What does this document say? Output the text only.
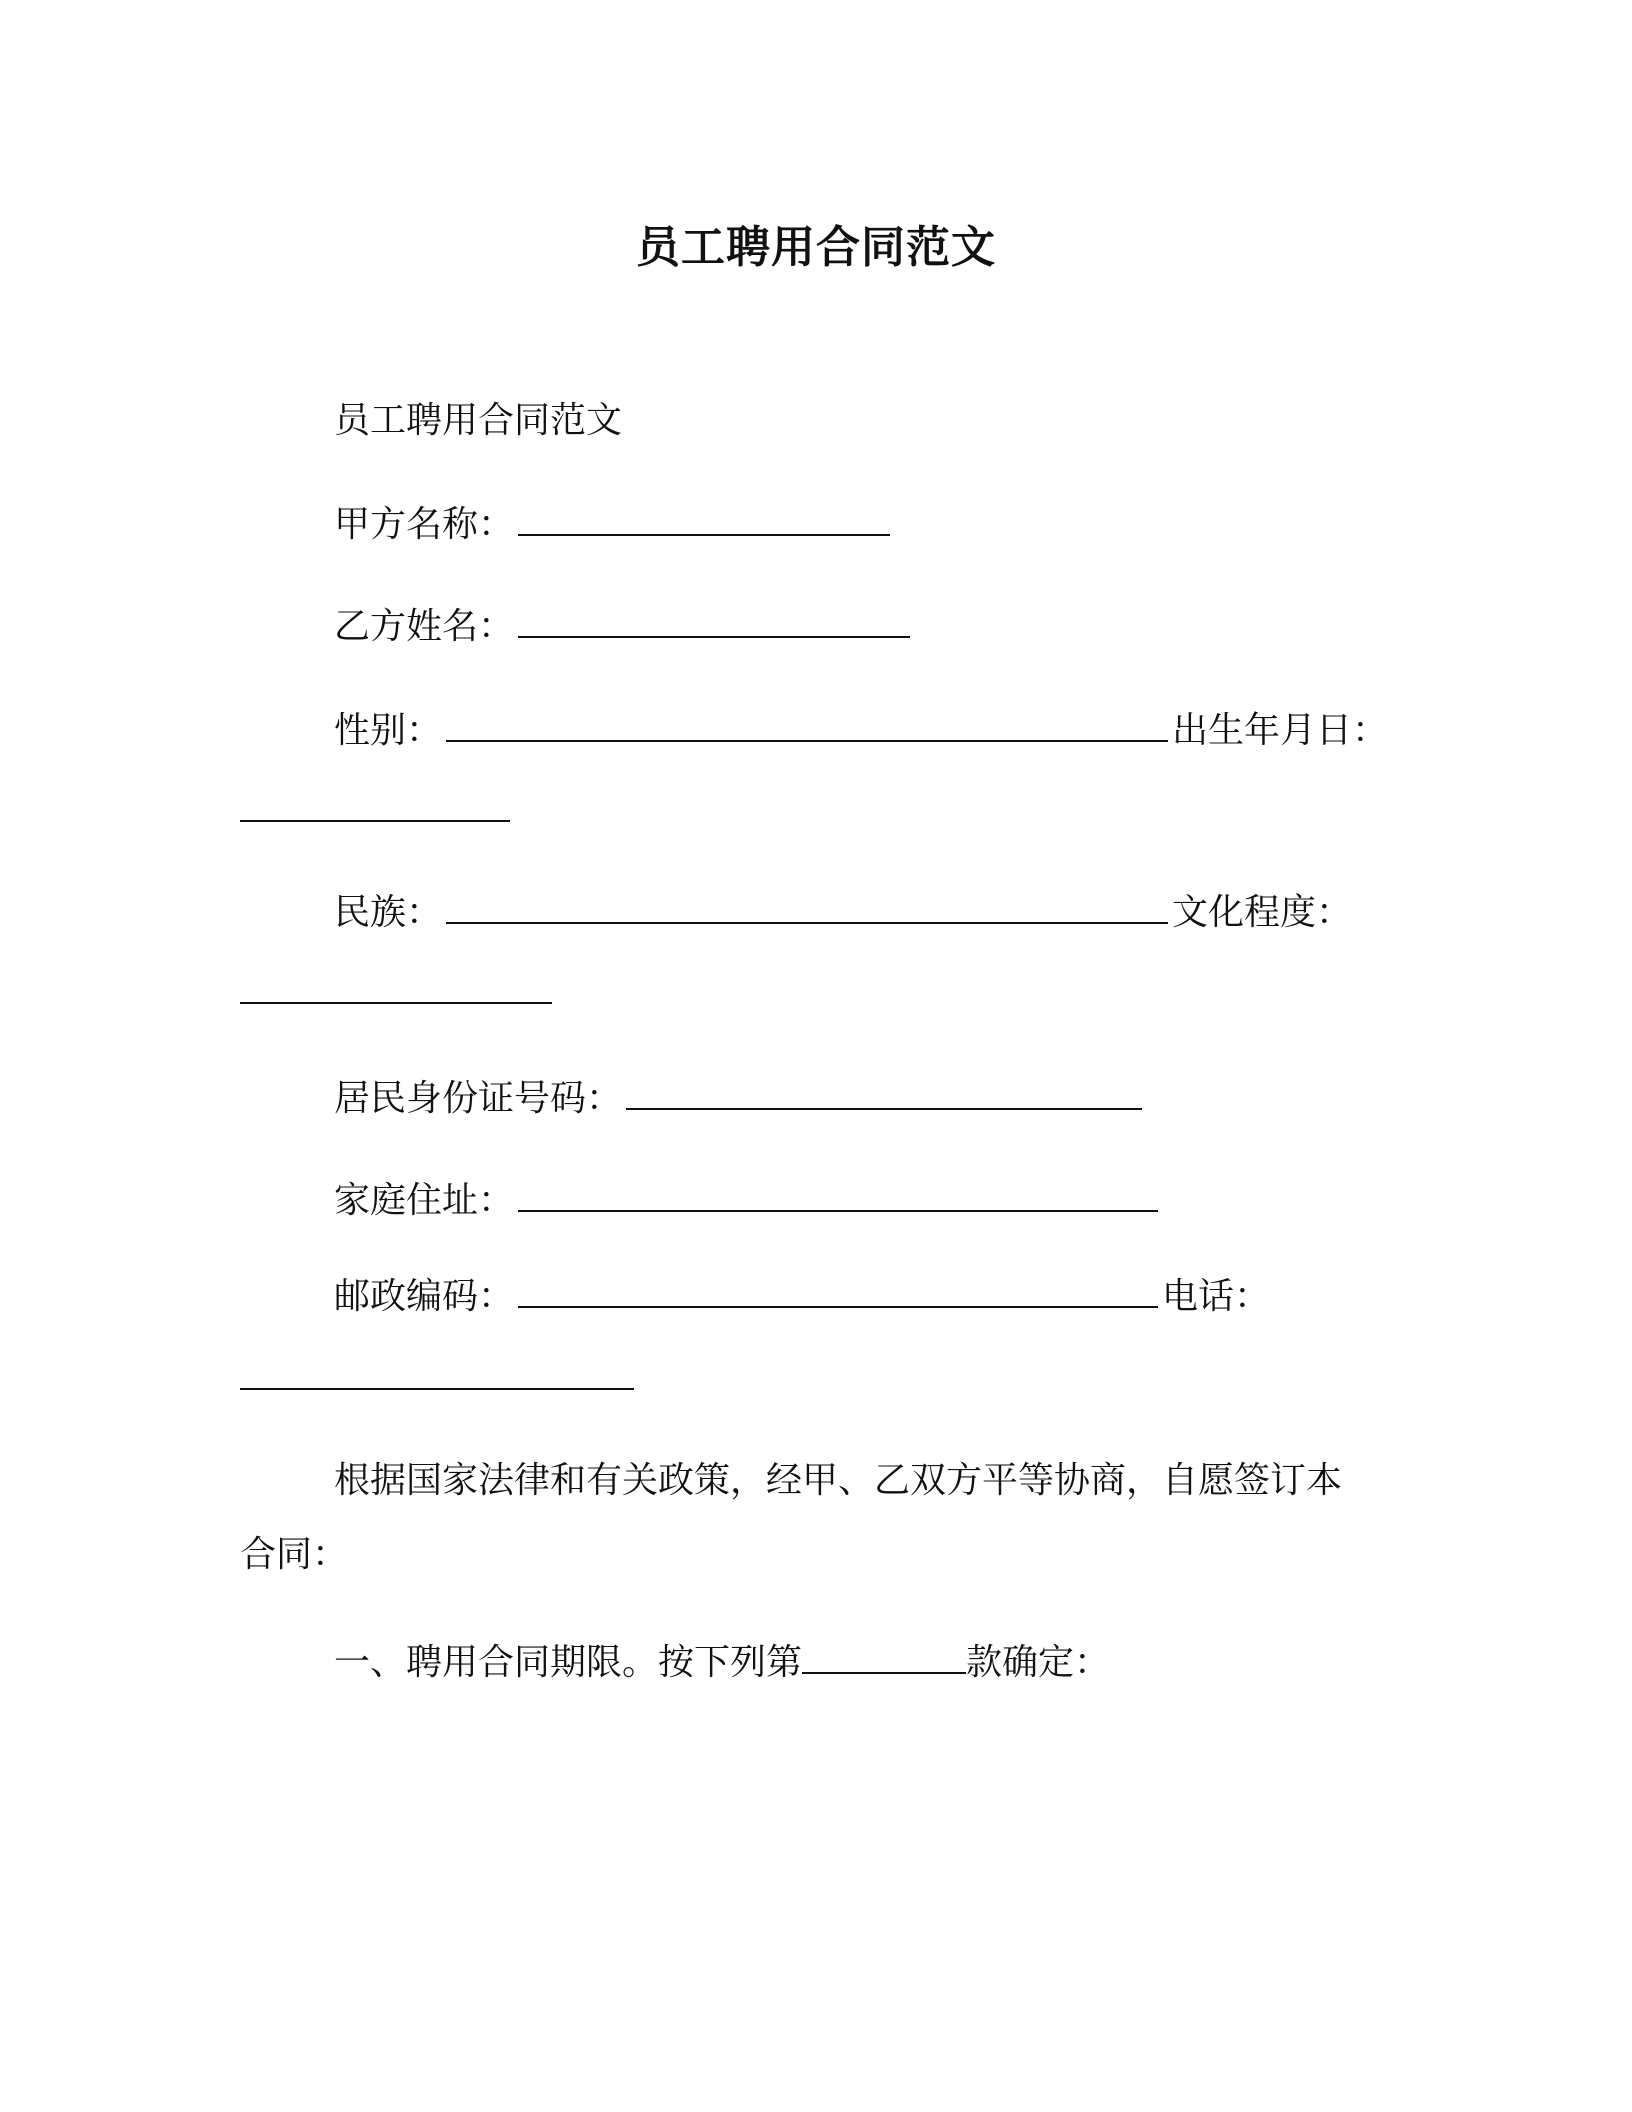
员工聘用合同范文
员工聘用合同范文
甲方名称：
乙方姓名：
性别：	出生年月日：
民族：	文化程度：
居民身份证号码：
家庭住址：
邮政编码：	电话：
根据国家法律和有关政策，经甲、乙双方平等协商，自愿签订本
合同：
一、聘用合同期限。按下列第	款确定：
